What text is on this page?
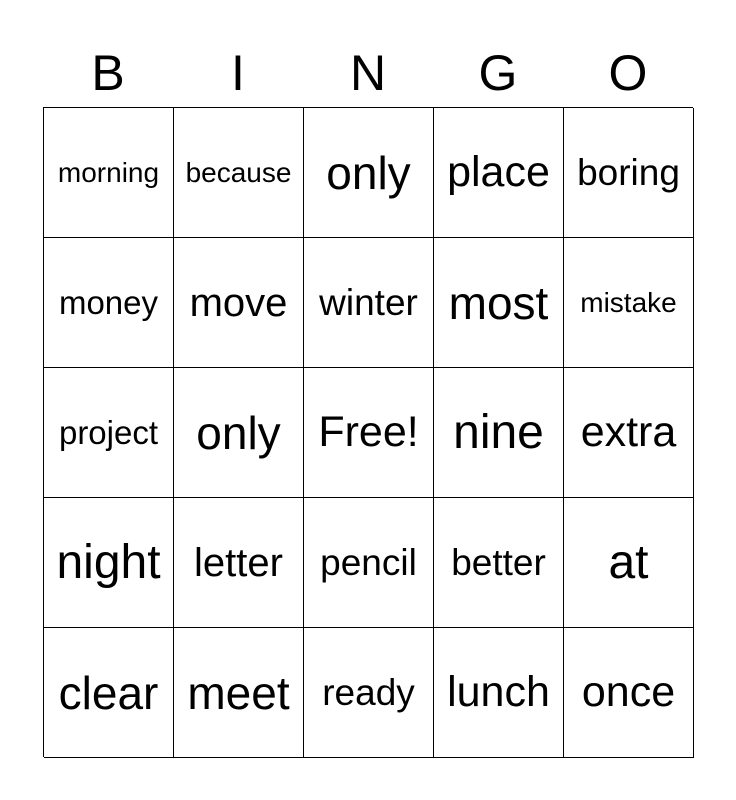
B	I	N	G	O
morning because only place boring
money move winter most	mistake
project only Free! nine extra
night letter	pencil better	at
clear meet ready lunch once
